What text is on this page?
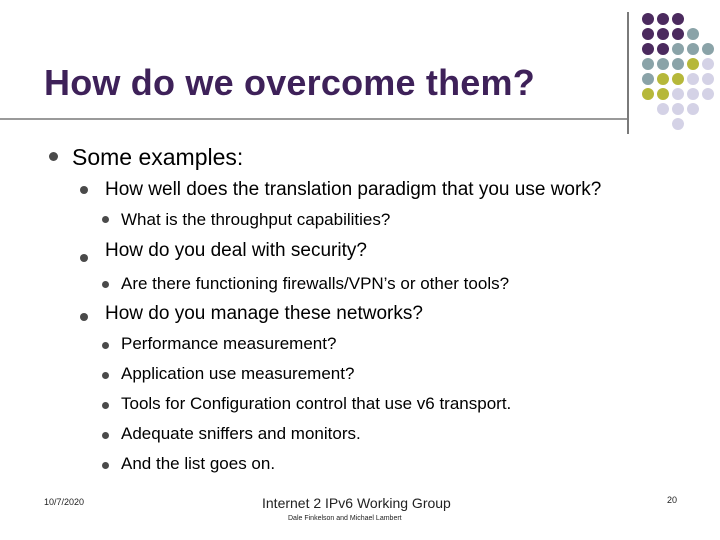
How do we overcome them?
Some examples:
How well does the translation paradigm that you use work?
What is the throughput capabilities?
How do you deal with security?
Are there functioning firewalls/VPN’s or other tools?
How do you manage these networks?
Performance measurement?
Application use measurement?
Tools for Configuration control that use v6 transport.
Adequate sniffers and monitors.
And the list goes on.
10/7/2020	Internet 2 IPv6 Working Group
Dale Finkelson and Michael Lambert
20
